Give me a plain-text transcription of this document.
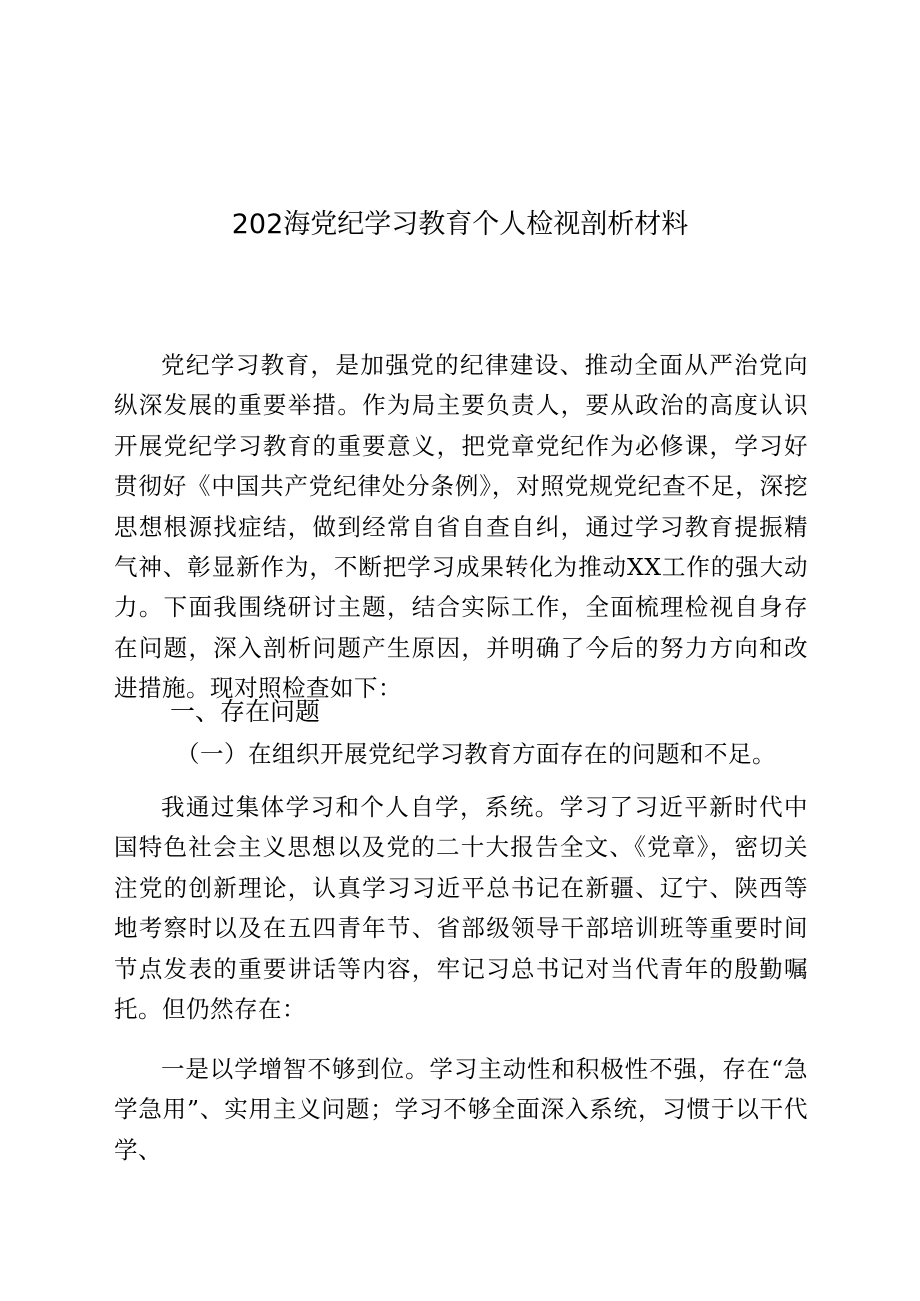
202海党纪学习教育个人检视剖析材料

党纪学习教育，是加强党的纪律建设、推动全面从严治党向纵深发展的重要举措。作为局主要负责人，要从政治的高度认识开展党纪学习教育的重要意义，把党章党纪作为必修课，学习好贯彻好《中国共产党纪律处分条例》，对照党规党纪查不足，深挖思想根源找症结，做到经常自省自查自纠，通过学习教育提振精气神、彰显新作为，不断把学习成果转化为推动XX工作的强大动力。下面我围绕研讨主题，结合实际工作，全面梳理检视自身存在问题，深入剖析问题产生原因，并明确了今后的努力方向和改进措施。现对照检查如下：

一、存在问题

（一）在组织开展党纪学习教育方面存在的问题和不足。

我通过集体学习和个人自学，系统。学习了习近平新时代中国特色社会主义思想以及党的二十大报告全文、《党章》，密切关注党的创新理论，认真学习习近平总书记在新疆、辽宁、陕西等地考察时以及在五四青年节、省部级领导干部培训班等重要时间节点发表的重要讲话等内容，牢记习总书记对当代青年的殷勤嘱托。但仍然存在：

一是以学增智不够到位。学习主动性和积极性不强，存在“急学急用”、实用主义问题；学习不够全面深入系统，习惯于以干代学、
